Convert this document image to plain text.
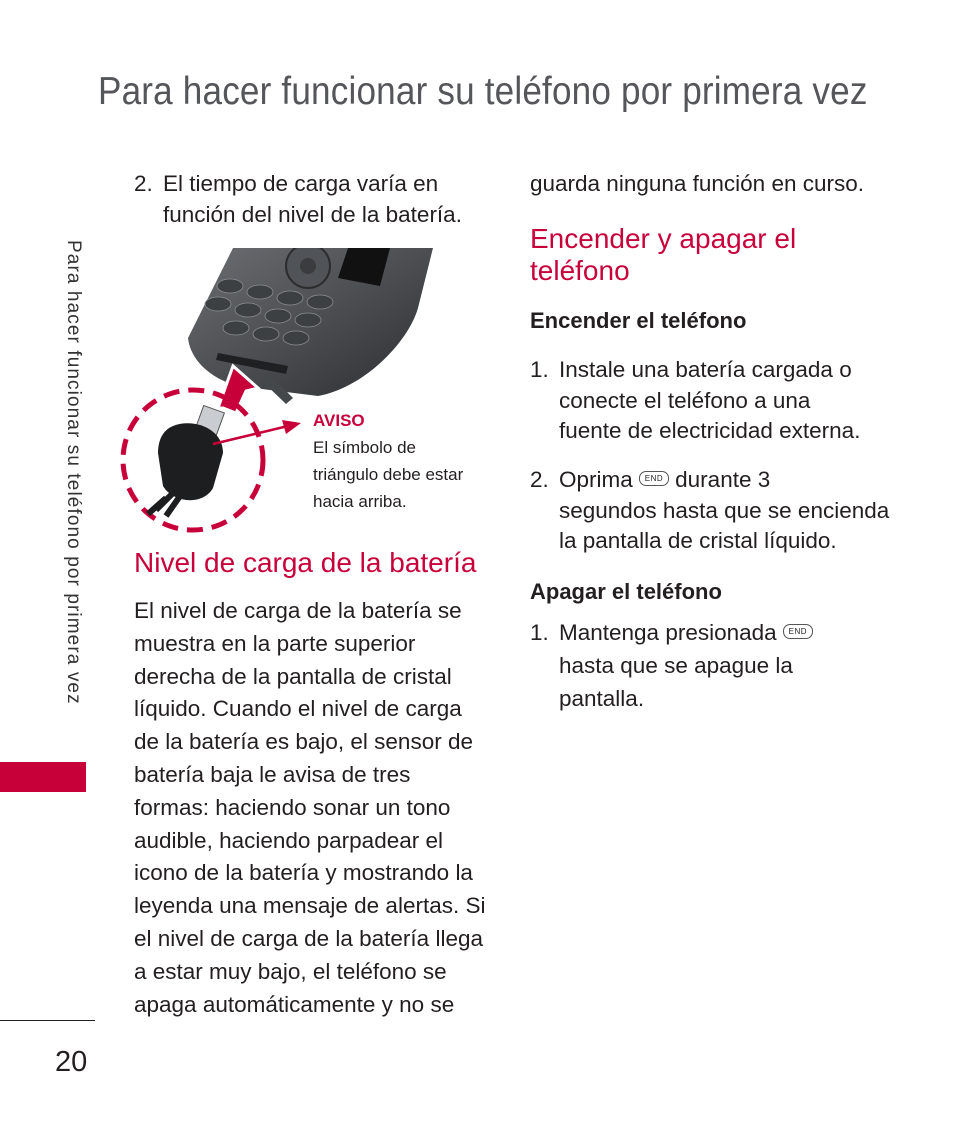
Para hacer funcionar su teléfono por primera vez
Para hacer funcionar su teléfono por primera vez
20
2. El tiempo de carga varía en
función del nivel de la batería.
AVISO
El símbolo de
triángulo debe estar
hacia arriba.
Nivel de carga de la batería
El nivel de carga de la batería se
muestra en la parte superior
derecha de la pantalla de cristal
líquido. Cuando el nivel de carga
de la batería es bajo, el sensor de
batería baja le avisa de tres
formas: haciendo sonar un tono
audible, haciendo parpadear el
icono de la batería y mostrando la
leyenda una mensaje de alertas. Si
el nivel de carga de la batería llega
a estar muy bajo, el teléfono se
apaga automáticamente y no se
guarda ninguna función en curso.
Encender y apagar el
teléfono
Encender el teléfono
1. Instale una batería cargada o
conecte el teléfono a una
fuente de electricidad externa.
2. Oprima END durante 3
segundos hasta que se encienda
la pantalla de cristal líquido.
Apagar el teléfono
1. Mantenga presionada END
hasta que se apague la
pantalla.
